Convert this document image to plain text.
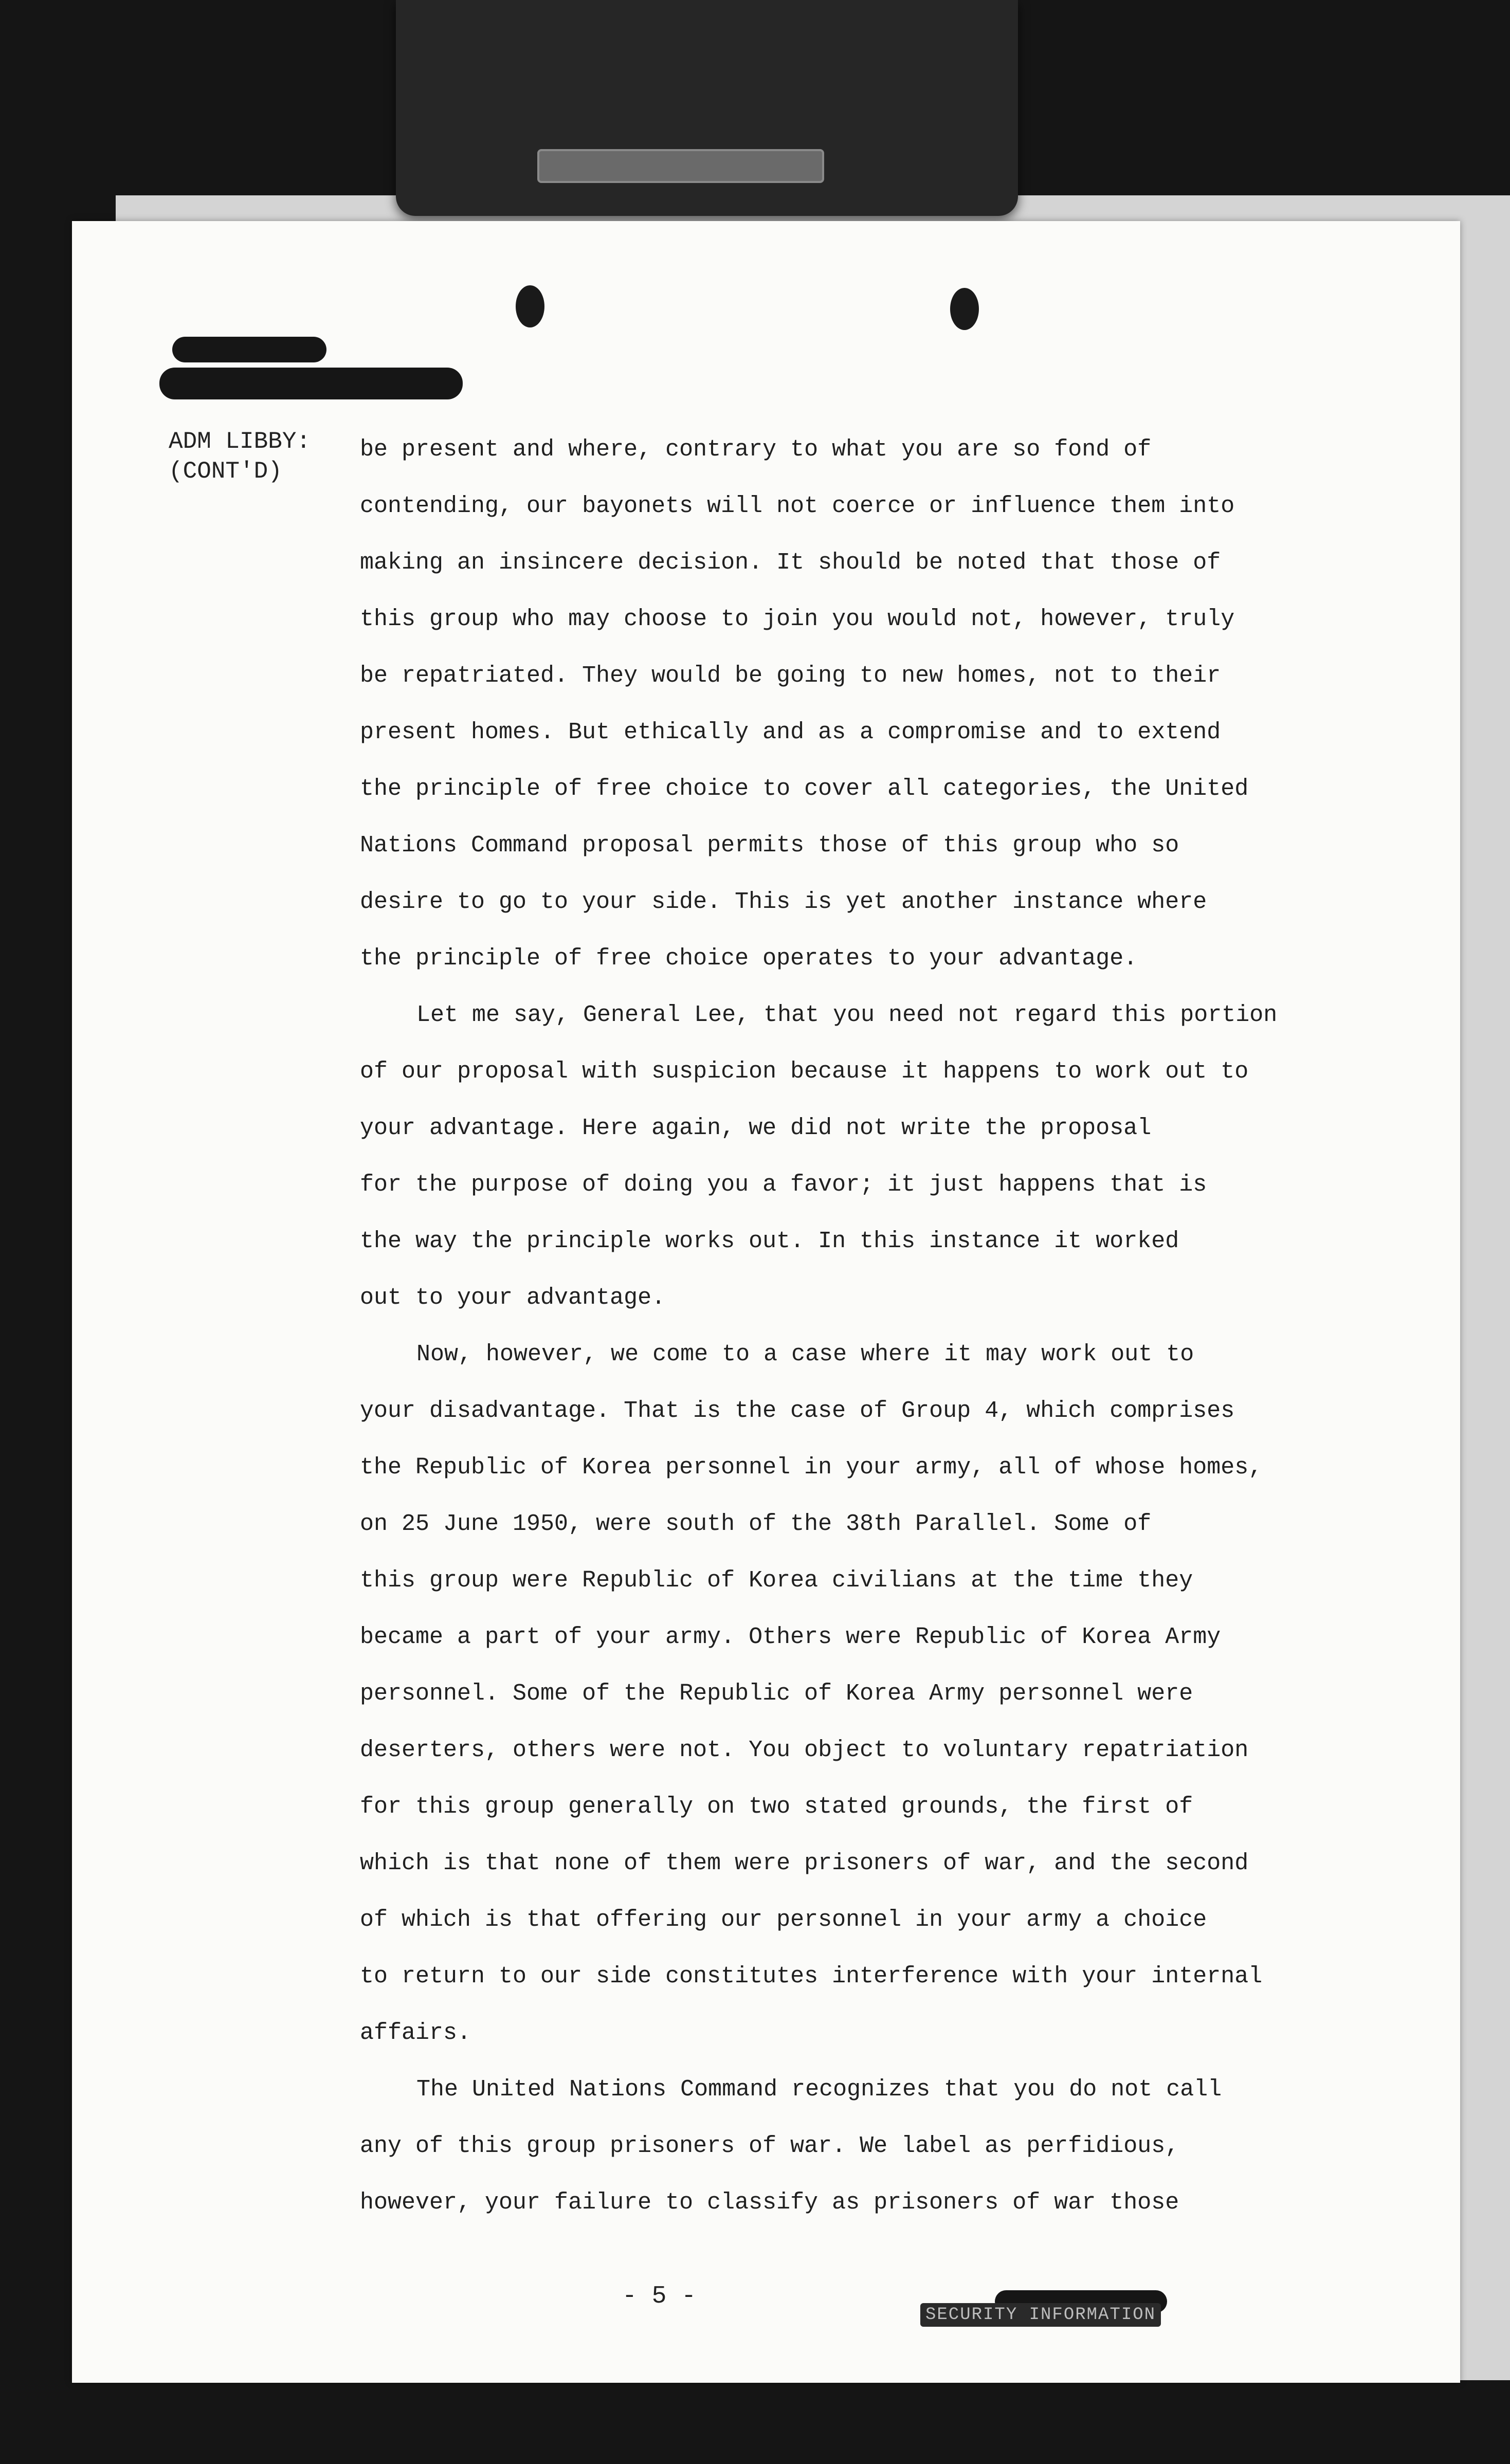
ADM LIBBY:
(CONT'D)
be present and where, contrary to what you are so fond of
contending, our bayonets will not coerce or influence them into
making an insincere decision. It should be noted that those of
this group who may choose to join you would not, however, truly
be repatriated. They would be going to new homes, not to their
present homes. But ethically and as a compromise and to extend
the principle of free choice to cover all categories, the United
Nations Command proposal permits those of this group who so
desire to go to your side. This is yet another instance where
the principle of free choice operates to your advantage.
Let me say, General Lee, that you need not regard this portion
of our proposal with suspicion because it happens to work out to
your advantage. Here again, we did not write the proposal
for the purpose of doing you a favor; it just happens that is
the way the principle works out. In this instance it worked
out to your advantage.
Now, however, we come to a case where it may work out to
your disadvantage. That is the case of Group 4, which comprises
the Republic of Korea personnel in your army, all of whose homes,
on 25 June 1950, were south of the 38th Parallel. Some of
this group were Republic of Korea civilians at the time they
became a part of your army. Others were Republic of Korea Army
personnel. Some of the Republic of Korea Army personnel were
deserters, others were not. You object to voluntary repatriation
for this group generally on two stated grounds, the first of
which is that none of them were prisoners of war, and the second
of which is that offering our personnel in your army a choice
to return to our side constitutes interference with your internal
affairs.
The United Nations Command recognizes that you do not call
any of this group prisoners of war. We label as perfidious,
however, your failure to classify as prisoners of war those
- 5 -
SECURITY INFORMATION
